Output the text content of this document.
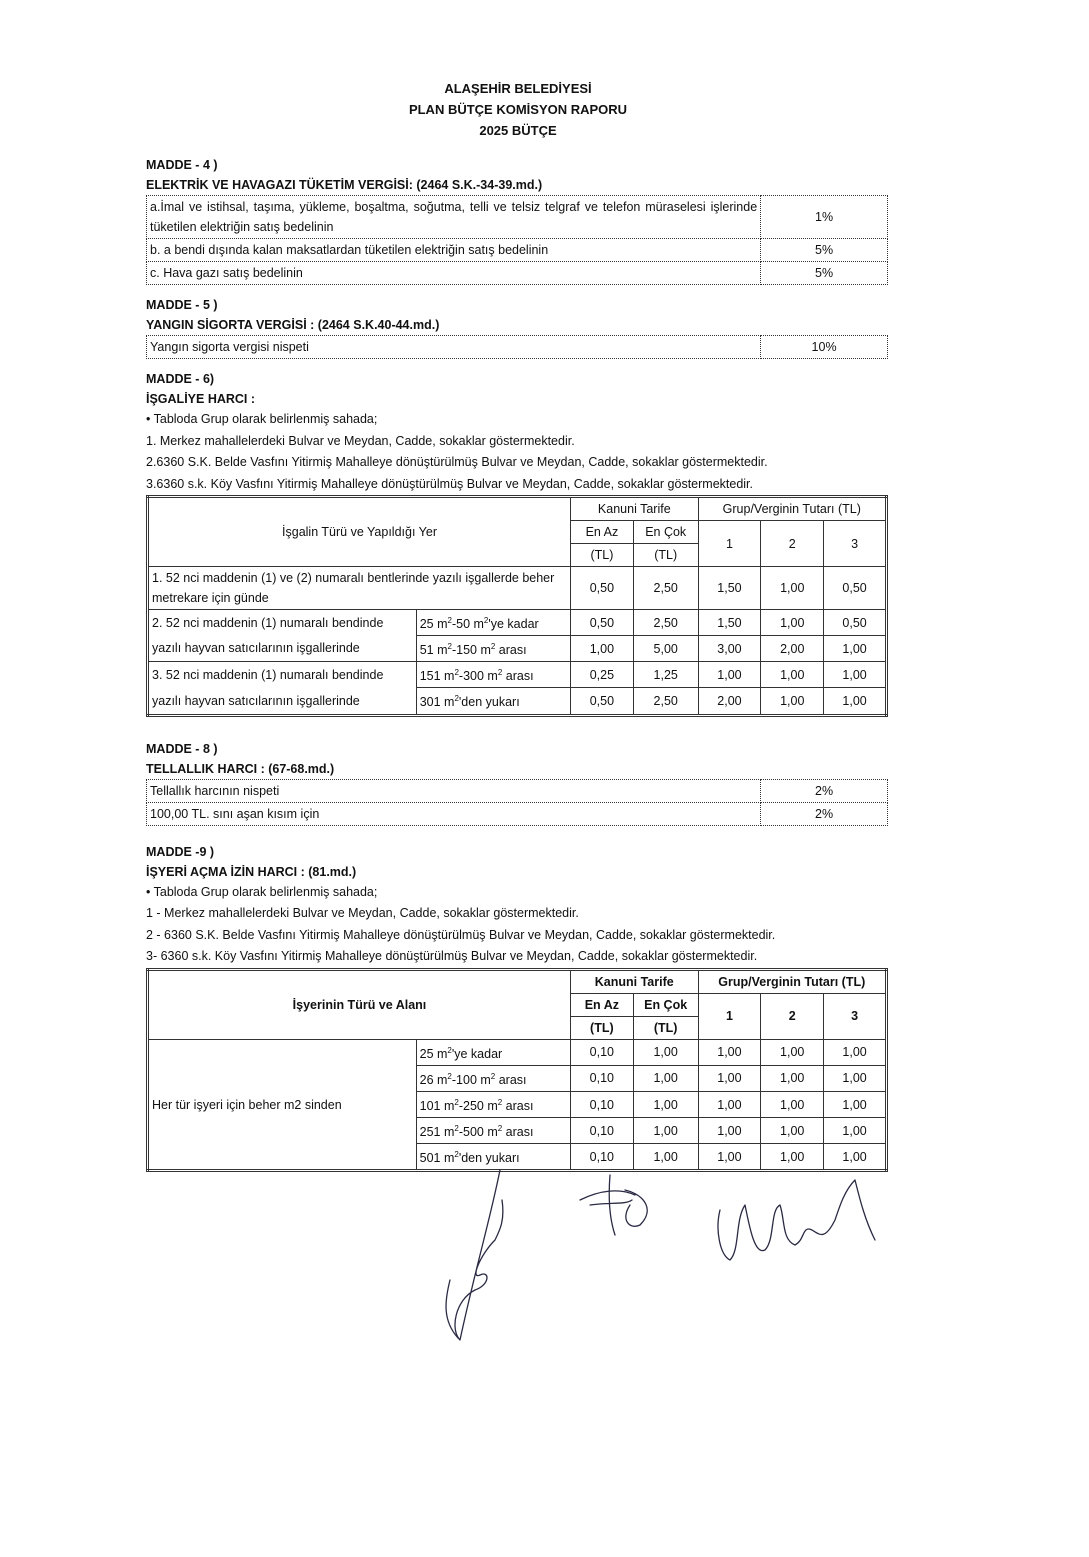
ALAŞEHİR BELEDİYESİ
PLAN BÜTÇE KOMİSYON RAPORU
2025 BÜTÇE
MADDE - 4 )
ELEKTRİK VE HAVAGAZI TÜKETİM VERGİSİ: (2464 S.K.-34-39.md.)
a.İmal ve istihsal, taşıma, yükleme, boşaltma, soğutma, telli ve telsiz telgraf ve telefon müraselesi işlerinde tüketilen elektriğin satış bedelinin	1%
b. a bendi dışında kalan maksatlardan tüketilen elektriğin satış bedelinin	5%
c. Hava gazı satış bedelinin	5%
MADDE - 5 )
YANGIN SİGORTA VERGİSİ : (2464 S.K.40-44.md.)
Yangın sigorta vergisi nispeti	10%
MADDE - 6)
İŞGALİYE HARCI :
• Tabloda Grup olarak belirlenmiş sahada;
1. Merkez mahallelerdeki Bulvar ve Meydan, Cadde, sokaklar göstermektedir.
2.6360 S.K. Belde Vasfını Yitirmiş Mahalleye dönüştürülmüş Bulvar ve Meydan, Cadde, sokaklar göstermektedir.
3.6360 s.k. Köy Vasfını Yitirmiş Mahalleye dönüştürülmüş Bulvar ve Meydan, Cadde, sokaklar göstermektedir.
İşgalin Türü ve Yapıldığı Yer		Kanuni Tarife		Grup/Verginin Tutarı (TL)		
		En Az	En Çok	1	2	3
		(TL)	(TL)			
1. 52 nci maddenin (1) ve (2) numaralı bentlerinde yazılı işgallerde beher metrekare için günde		0,50	2,50	1,50	1,00	0,50
2. 52 nci maddenin (1) numaralı bendinde	25 $m^2-50$ $m^2'ye$ kadar	0,50	2,50	1,50	1,00	0,50
yazılı hayvan satıcılarının işgallerinde	51 $m^2-150$ $m^2$ arası	1,00	5,00	3,00	2,00	1,00
3. 52 nci maddenin (1) numaralı bendinde	151 $m^2-300$ $m^2$ arası	0,25	1,25	1,00	1,00	1,00
yazılı hayvan satıcılarının işgallerinde	301 $m^2'den$ yukarı	0,50	2,50	2,00	1,00	1,00
MADDE - 8 )
TELLALLIK HARCI : (67-68.md.)
Tellallık harcının nispeti	2%
100,00 TL. sını aşan kısım için	2%
MADDE -9 )
İŞYERİ AÇMA İZİN HARCI : (81.md.)
• Tabloda Grup olarak belirlenmiş sahada;
1 - Merkez mahallelerdeki Bulvar ve Meydan, Cadde, sokaklar göstermektedir.
2 - 6360 S.K. Belde Vasfını Yitirmiş Mahalleye dönüştürülmüş Bulvar ve Meydan, Cadde, sokaklar göstermektedir.
3- 6360 s.k. Köy Vasfını Yitirmiş Mahalleye dönüştürülmüş Bulvar ve Meydan, Cadde, sokaklar göstermektedir.
İşyerinin Türü ve Alanı		Kanuni Tarife		Grup/Verginin Tutarı (TL)		
		En Az	En Çok	1	2	3
		(TL)	(TL)			
Her tür işyeri için beher m2 sinden	25 $m^2'ye$ kadar	0,10	1,00	1,00	1,00	1,00
	26 $m^2-100$ $m^2$ arası	0,10	1,00	1,00	1,00	1,00
	101 $m^2-250$ $m^2$ arası	0,10	1,00	1,00	1,00	1,00
	251 $m^2-500$ $m^2$ arası	0,10	1,00	1,00	1,00	1,00
	501 $m^2'den$ yukarı	0,10	1,00	1,00	1,00	1,00
